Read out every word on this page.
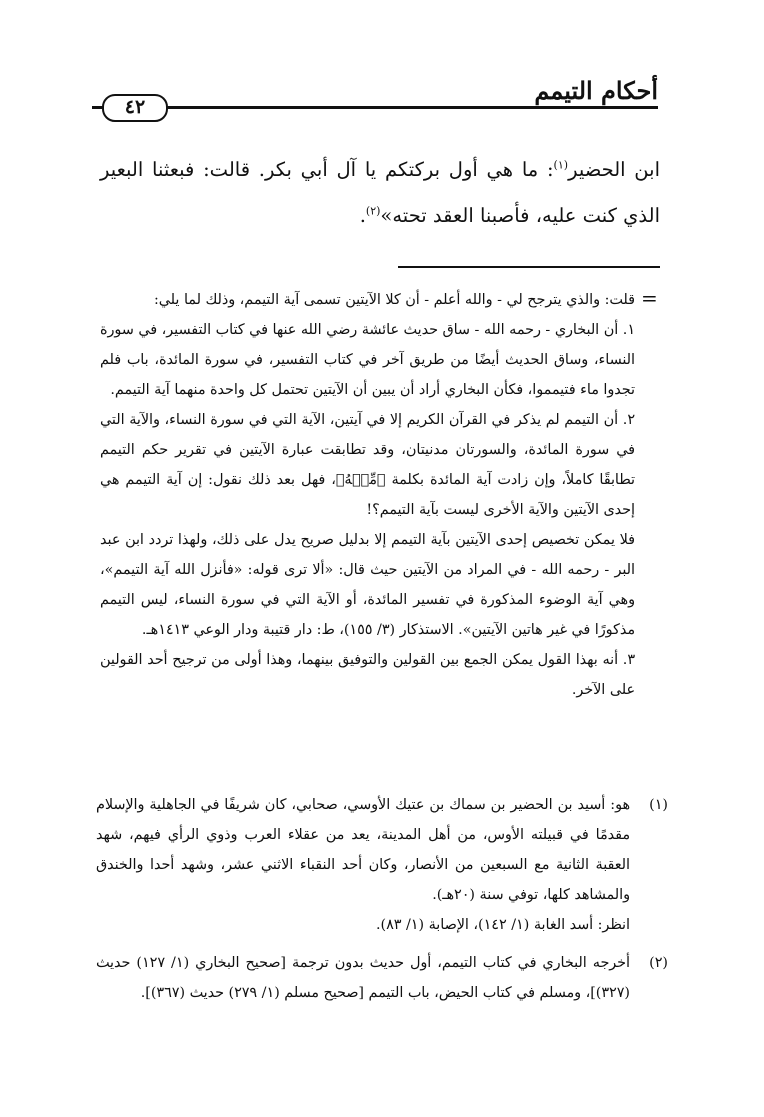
أحكام التيمم
٤٢

ابن الحضير$^{(١)}$: ما هي أول بركتكم يا آل أبي بكر. قالت: فبعثنا البعير الذي كنت عليه، فأصبنا العقد تحته»$^{(٢)}$.

=

قلت: والذي يترجح لي - والله أعلم - أن كلا الآيتين تسمى آية التيمم، وذلك لما يلي:

١. أن البخاري - رحمه الله - ساق حديث عائشة رضي الله عنها في كتاب التفسير، في سورة النساء، وساق الحديث أيضًا من طريق آخر في كتاب التفسير، في سورة المائدة، باب فلم تجدوا ماء فتيمموا، فكأن البخاري أراد أن يبين أن الآيتين تحتمل كل واحدة منهما آية التيمم.

٢. أن التيمم لم يذكر في القرآن الكريم إلا في آيتين، الآية التي في سورة النساء، والآية التي في سورة المائدة، والسورتان مدنيتان، وقد تطابقت عبارة الآيتين في تقرير حكم التيمم تطابقًا كاملاً، وإن زادت آية المائدة بكلمة ﴿مِّنۡهُ﴾، فهل بعد ذلك نقول: إن آية التيمم هي إحدى الآيتين والآية الأخرى ليست بآية التيمم؟!

فلا يمكن تخصيص إحدى الآيتين بآية التيمم إلا بدليل صريح يدل على ذلك، ولهذا تردد ابن عبد البر - رحمه الله - في المراد من الآيتين حيث قال: «ألا ترى قوله: «فأنزل الله آية التيمم»، وهي آية الوضوء المذكورة في تفسير المائدة، أو الآية التي في سورة النساء، ليس التيمم مذكورًا في غير هاتين الآيتين». الاستذكار (٣/ ١٥٥)، ط: دار قتيبة ودار الوعي ١٤١٣هـ.

٣. أنه بهذا القول يمكن الجمع بين القولين والتوفيق بينهما، وهذا أولى من ترجيح أحد القولين على الآخر.

(١)

هو: أسيد بن الحضير بن سماك بن عتيك الأوسي، صحابي، كان شريفًا في الجاهلية والإسلام مقدمًا في قبيلته الأوس، من أهل المدينة، يعد من عقلاء العرب وذوي الرأي فيهم، شهد العقبة الثانية مع السبعين من الأنصار، وكان أحد النقباء الاثني عشر، وشهد أحدا والخندق والمشاهد كلها، توفي سنة (٢٠هـ).

انظر: أسد الغابة (١/ ١٤٢)، الإصابة (١/ ٨٣).

(٢)

أخرجه البخاري في كتاب التيمم، أول حديث بدون ترجمة [صحيح البخاري (١/ ١٢٧) حديث (٣٢٧)]، ومسلم في كتاب الحيض، باب التيمم [صحيح مسلم (١/ ٢٧٩) حديث (٣٦٧)].
